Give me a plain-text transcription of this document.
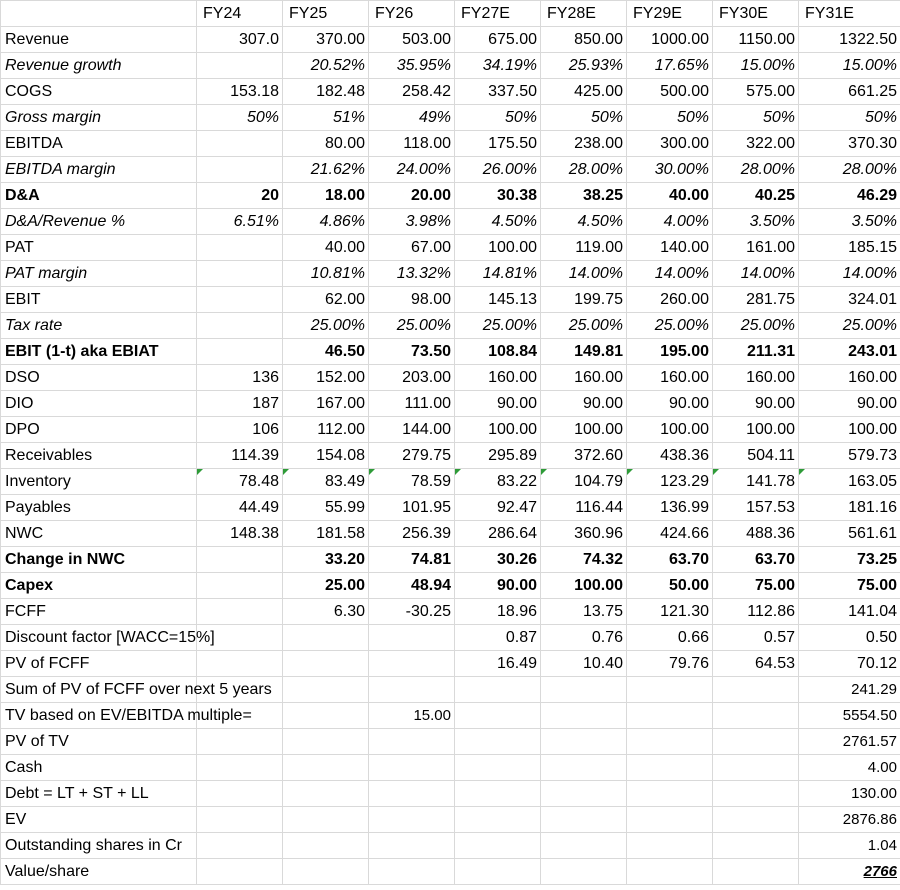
	FY24	FY25	FY26	FY27E	FY28E	FY29E	FY30E	FY31E
Revenue	307.0	370.00	503.00	675.00	850.00	1000.00	1150.00	1322.50
Revenue growth		20.52%	35.95%	34.19%	25.93%	17.65%	15.00%	15.00%
COGS	153.18	182.48	258.42	337.50	425.00	500.00	575.00	661.25
Gross margin	50%	51%	49%	50%	50%	50%	50%	50%
EBITDA		80.00	118.00	175.50	238.00	300.00	322.00	370.30
EBITDA margin		21.62%	24.00%	26.00%	28.00%	30.00%	28.00%	28.00%
D&A	20	18.00	20.00	30.38	38.25	40.00	40.25	46.29
D&A/Revenue %	6.51%	4.86%	3.98%	4.50%	4.50%	4.00%	3.50%	3.50%
PAT		40.00	67.00	100.00	119.00	140.00	161.00	185.15
PAT margin		10.81%	13.32%	14.81%	14.00%	14.00%	14.00%	14.00%
EBIT		62.00	98.00	145.13	199.75	260.00	281.75	324.01
Tax rate		25.00%	25.00%	25.00%	25.00%	25.00%	25.00%	25.00%
EBIT (1-t) aka EBIAT		46.50	73.50	108.84	149.81	195.00	211.31	243.01
DSO	136	152.00	203.00	160.00	160.00	160.00	160.00	160.00
DIO	187	167.00	111.00	90.00	90.00	90.00	90.00	90.00
DPO	106	112.00	144.00	100.00	100.00	100.00	100.00	100.00
Receivables	114.39	154.08	279.75	295.89	372.60	438.36	504.11	579.73
Inventory	78.48	83.49	78.59	83.22	104.79	123.29	141.78	163.05
Payables	44.49	55.99	101.95	92.47	116.44	136.99	157.53	181.16
NWC	148.38	181.58	256.39	286.64	360.96	424.66	488.36	561.61
Change in NWC		33.20	74.81	30.26	74.32	63.70	63.70	73.25
Capex		25.00	48.94	90.00	100.00	50.00	75.00	75.00
FCFF		6.30	-30.25	18.96	13.75	121.30	112.86	141.04
Discount factor [WACC=15%]				0.87	0.76	0.66	0.57	0.50
PV of FCFF				16.49	10.40	79.76	64.53	70.12
Sum of PV of FCFF over next 5 years								241.29
TV based on EV/EBITDA multiple=			15.00					5554.50
PV of TV								2761.57
Cash								4.00
Debt = LT + ST + LL								130.00
EV								2876.86
Outstanding shares in Cr								1.04
Value/share								2766
